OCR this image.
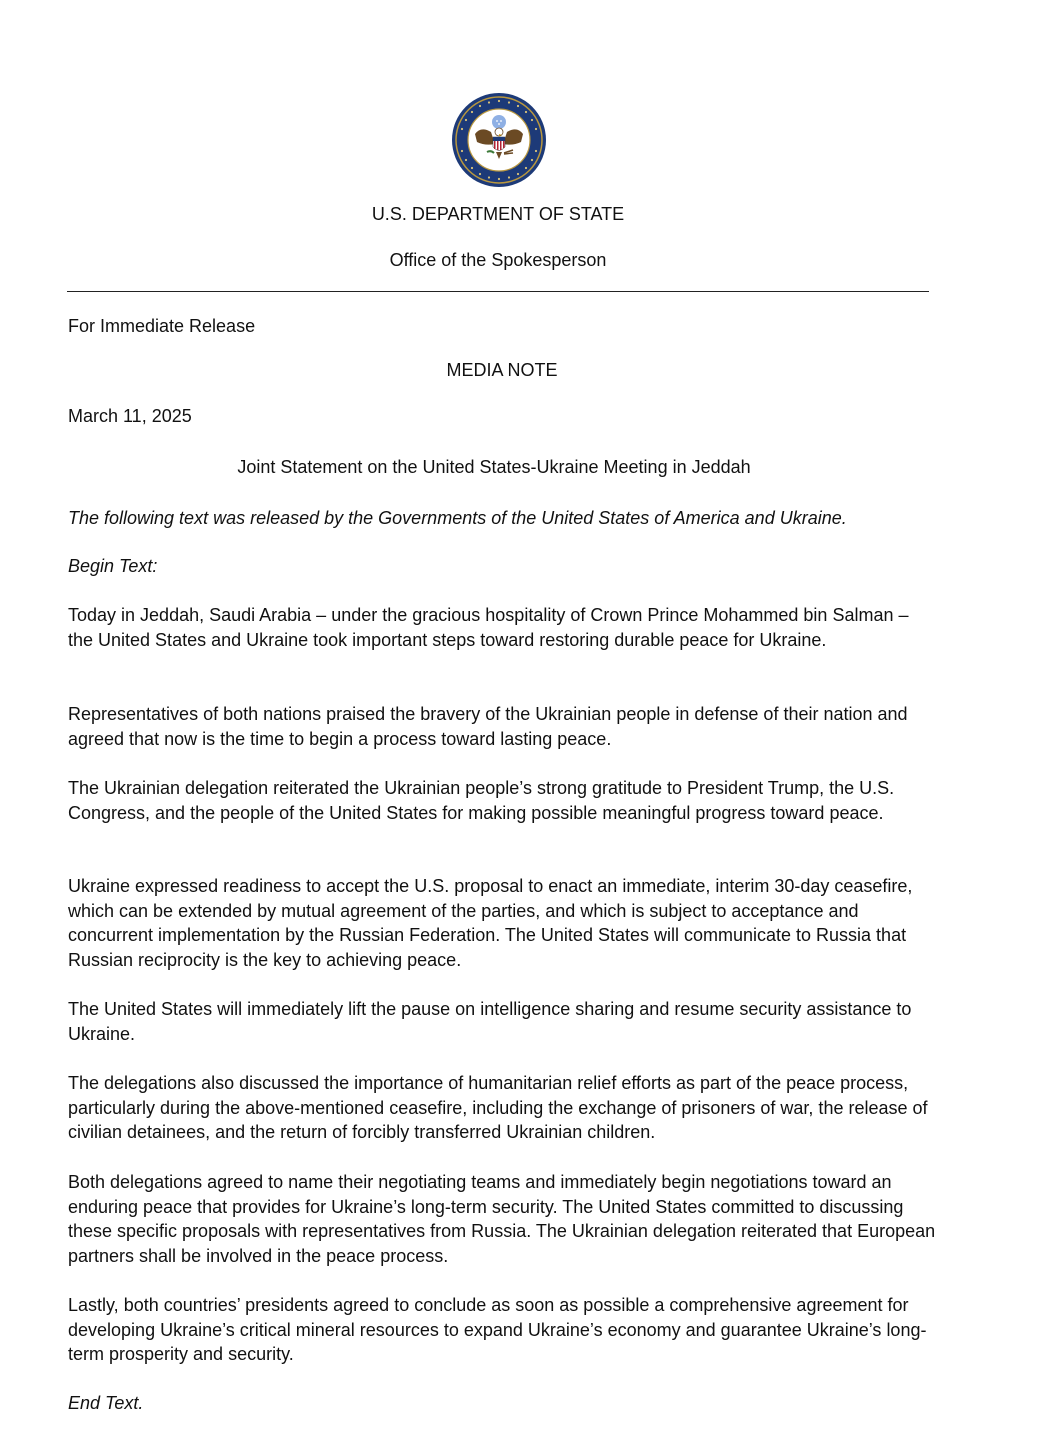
U.S. DEPARTMENT OF STATE
Office of the Spokesperson
For Immediate Release
MEDIA NOTE
March 11, 2025
Joint Statement on the United States-Ukraine Meeting in Jeddah
The following text was released by the Governments of the United States of America and Ukraine.
Begin Text:

Today in Jeddah, Saudi Arabia – under the gracious hospitality of Crown Prince Mohammed bin Salman – the United States and Ukraine took important steps toward restoring durable peace for Ukraine.

Representatives of both nations praised the bravery of the Ukrainian people in defense of their nation and agreed that now is the time to begin a process toward lasting peace.

The Ukrainian delegation reiterated the Ukrainian people’s strong gratitude to President Trump, the U.S. Congress, and the people of the United States for making possible meaningful progress toward peace.

Ukraine expressed readiness to accept the U.S. proposal to enact an immediate, interim 30-day ceasefire, which can be extended by mutual agreement of the parties, and which is subject to acceptance and concurrent implementation by the Russian Federation. The United States will communicate to Russia that Russian reciprocity is the key to achieving peace.

The United States will immediately lift the pause on intelligence sharing and resume security assistance to Ukraine.

The delegations also discussed the importance of humanitarian relief efforts as part of the peace process, particularly during the above-mentioned ceasefire, including the exchange of prisoners of war, the release of civilian detainees, and the return of forcibly transferred Ukrainian children.

Both delegations agreed to name their negotiating teams and immediately begin negotiations toward an enduring peace that provides for Ukraine’s long-term security. The United States committed to discussing these specific proposals with representatives from Russia. The Ukrainian delegation reiterated that European partners shall be involved in the peace process.

Lastly, both countries’ presidents agreed to conclude as soon as possible a comprehensive agreement for developing Ukraine’s critical mineral resources to expand Ukraine’s economy and guarantee Ukraine’s long-term prosperity and security.

End Text.
